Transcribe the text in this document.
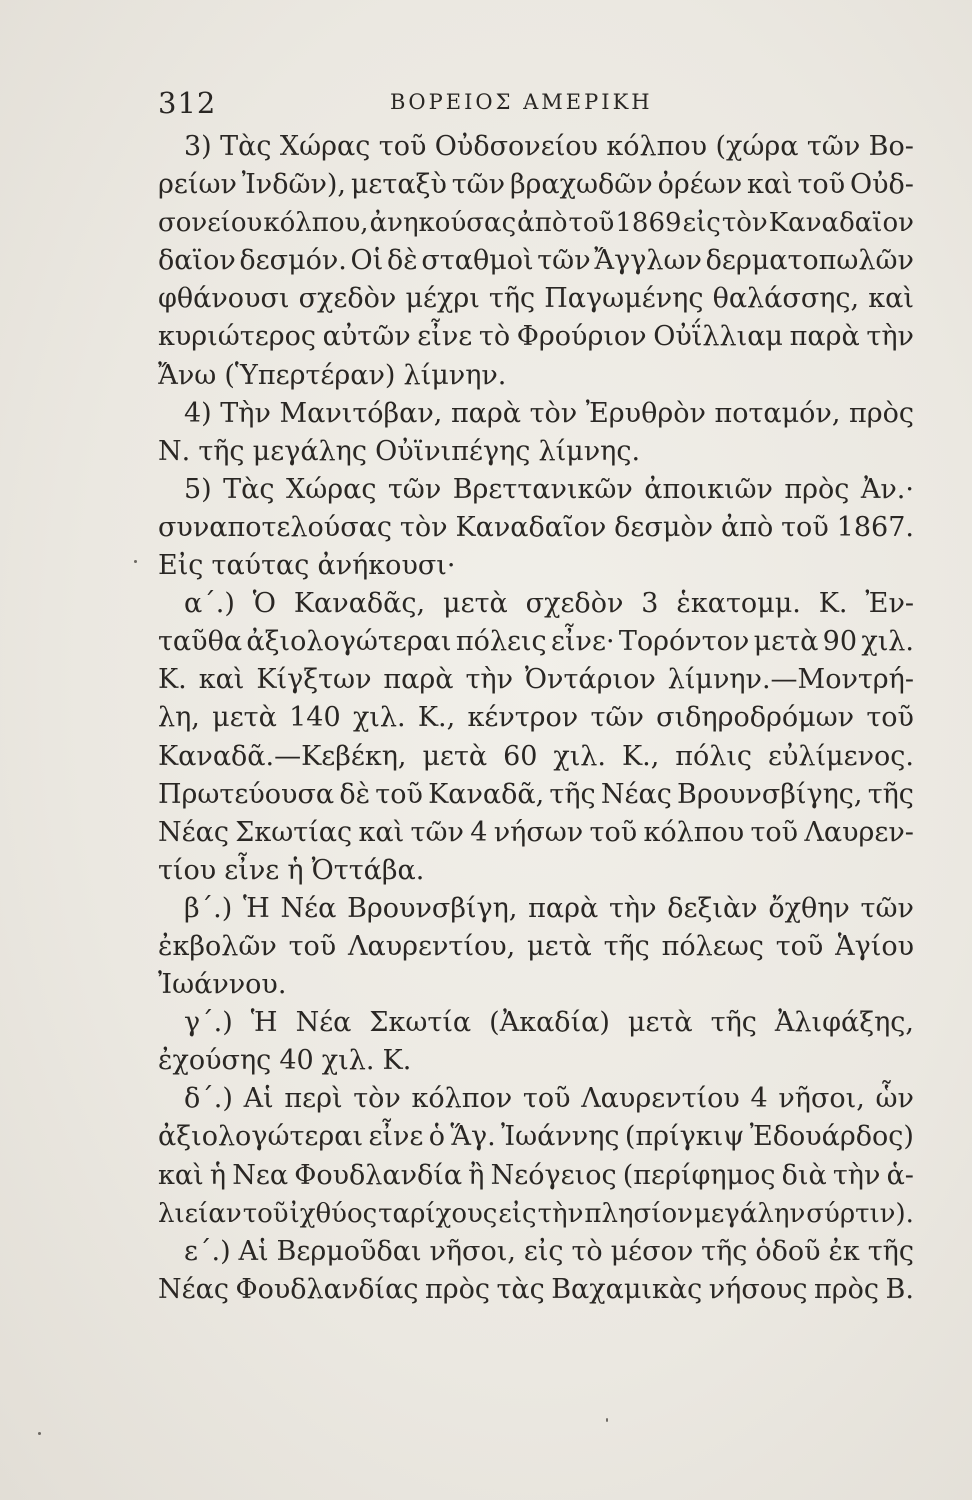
312	ΒΟΡΕΙΟΣ ΑΜΕΡΙΚΗ
3) Τὰς Χώρας τοῦ Οὐδσονείου κόλπου (χώρα τῶν Βο-
ρείων Ἰνδῶν), μεταξὺ τῶν βραχωδῶν ὀρέων καὶ τοῦ Οὐδ-
σονείου κόλπου, ἀνηκούσας ἀπὸ τοῦ 1869 εἰς τὸν Καναδαϊον
δαϊον δεσμόν. Οἱ δὲ σταθμοὶ τῶν Ἄγγλων δερματοπωλῶν
φθάνουσι σχεδὸν μέχρι τῆς Παγωμένης θαλάσσης, καὶ
κυριώτερος αὐτῶν εἶνε τὸ Φρούριον Οὐΐλλιαμ παρὰ τὴν
Ἄνω (Ὑπερτέραν) λίμνην.
4) Τὴν Μανιτόβαν, παρὰ τὸν Ἐρυθρὸν ποταμόν, πρὸς
Ν. τῆς μεγάλης Οὐϊνιπέγης λίμνης.
5) Τὰς Χώρας τῶν Βρεττανικῶν ἀποικιῶν πρὸς Ἀν.·
συναποτελούσας τὸν Καναδαῖον δεσμὸν ἀπὸ τοῦ 1867.
Εἰς ταύτας ἀνήκουσι·
α΄.) Ὁ Καναδᾶς, μετὰ σχεδὸν 3 ἑκατομμ. Κ. Ἐν-
ταῦθα ἀξιολογώτεραι πόλεις εἶνε· Τορόντον μετὰ 90 χιλ.
Κ. καὶ Κίγξτων παρὰ τὴν Ὀντάριον λίμνην.—Μοντρή-
λη, μετὰ 140 χιλ. Κ., κέντρον τῶν σιδηροδρόμων τοῦ
Καναδᾶ.—Κεβέκη, μετὰ 60 χιλ. Κ., πόλις εὐλίμενος.
Πρωτεύουσα δὲ τοῦ Καναδᾶ, τῆς Νέας Βρουνσβίγης, τῆς
Νέας Σκωτίας καὶ τῶν 4 νήσων τοῦ κόλπου τοῦ Λαυρεν-
τίου εἶνε ἡ Ὀττάβα.
β΄.) Ἡ Νέα Βρουνσβίγη, παρὰ τὴν δεξιὰν ὄχθην τῶν
ἐκβολῶν τοῦ Λαυρεντίου, μετὰ τῆς πόλεως τοῦ Ἁγίου
Ἰωάννου.
γ΄.) Ἡ Νέα Σκωτία (Ἀκαδία) μετὰ τῆς Ἀλιφάξης,
ἐχούσης 40 χιλ. Κ.
δ΄.) Αἱ περὶ τὸν κόλπον τοῦ Λαυρεντίου 4 νῆσοι, ὧν
ἀξιολογώτεραι εἶνε ὁ Ἅγ. Ἰωάννης (πρίγκιψ Ἐδουάρδος)
καὶ ἡ Νεα Φουδλανδία ἢ Νεόγειος (περίφημος διὰ τὴν ἁ-
λιείαν τοῦ ἰχθύος ταρίχους εἰς τὴν πλησίον μεγάλην σύρτιν).
ε΄.) Αἱ Βερμοῦδαι νῆσοι, εἰς τὸ μέσον τῆς ὁδοῦ ἐκ τῆς
Νέας Φουδλανδίας πρὸς τὰς Βαχαμικὰς νήσους πρὸς Β.
